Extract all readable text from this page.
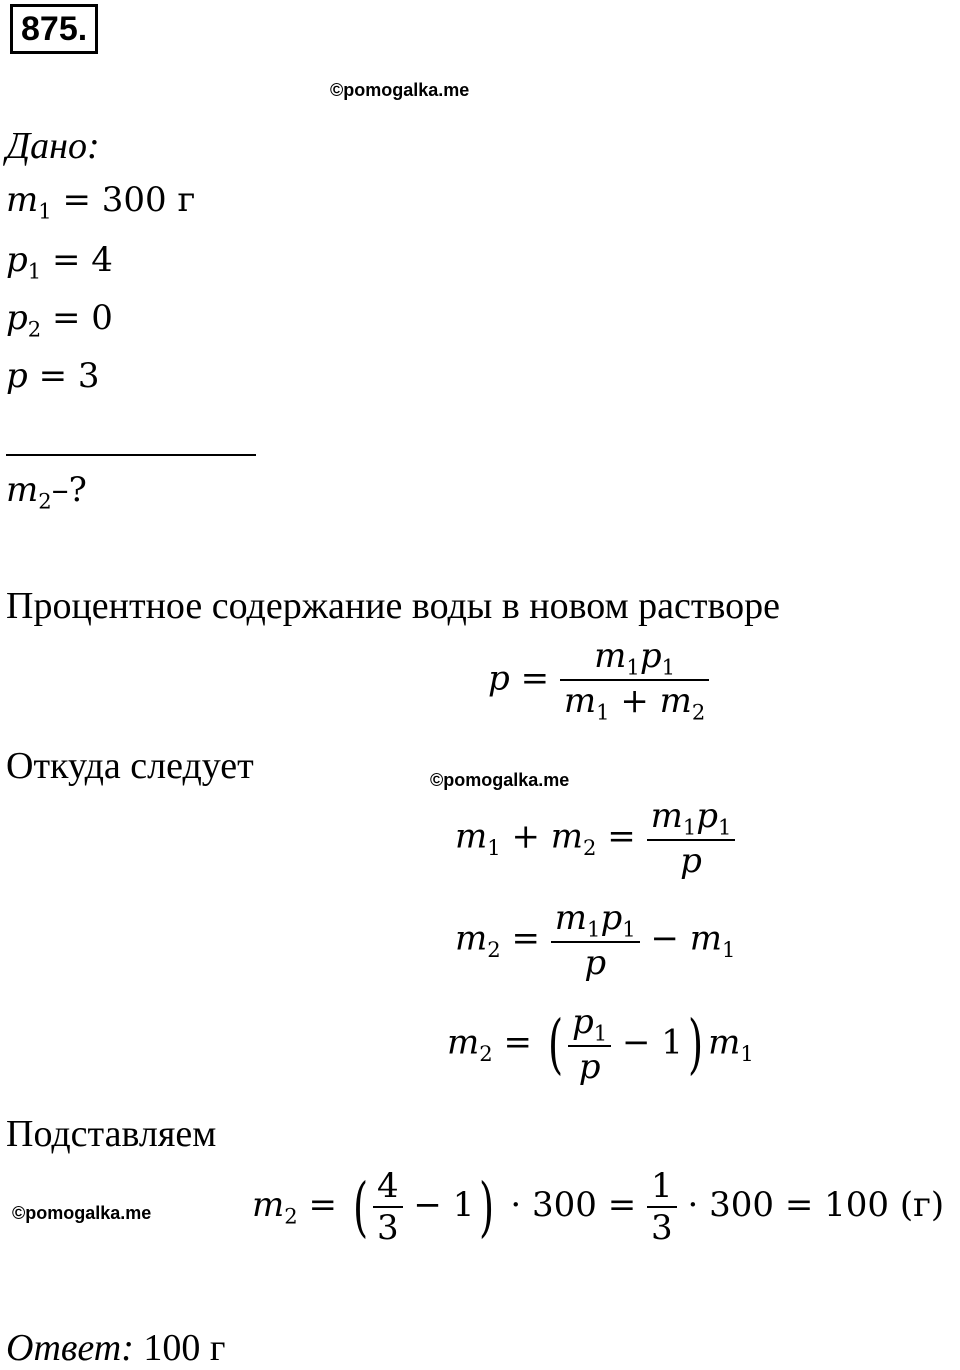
875.
©pomogalka.me
©pomogalka.me
©pomogalka.me
Дано:
$m_1 = 300$ г
$p_1 = 4$
$p_2 = 0$
p = 3
$m_2-$?
Процентное содержание воды в новом растворе
$p = \frac{m_1p_1}{m_1 + m_2}$
Откуда следует
$m_1 + m_2 = \frac{m_1p_1}{p}$
$m_2 = \frac{m_1p_1}{p} - m_1$
$m_2$ = ( $\frac{p_1}{p} - 1$) $m_1$
Подставляем
$m_2$ = ( $\frac{4}{3} - 1) \cdot 300 = \frac{1}{3} \cdot 300 = 100$ (г)
Ответ: 100 г
